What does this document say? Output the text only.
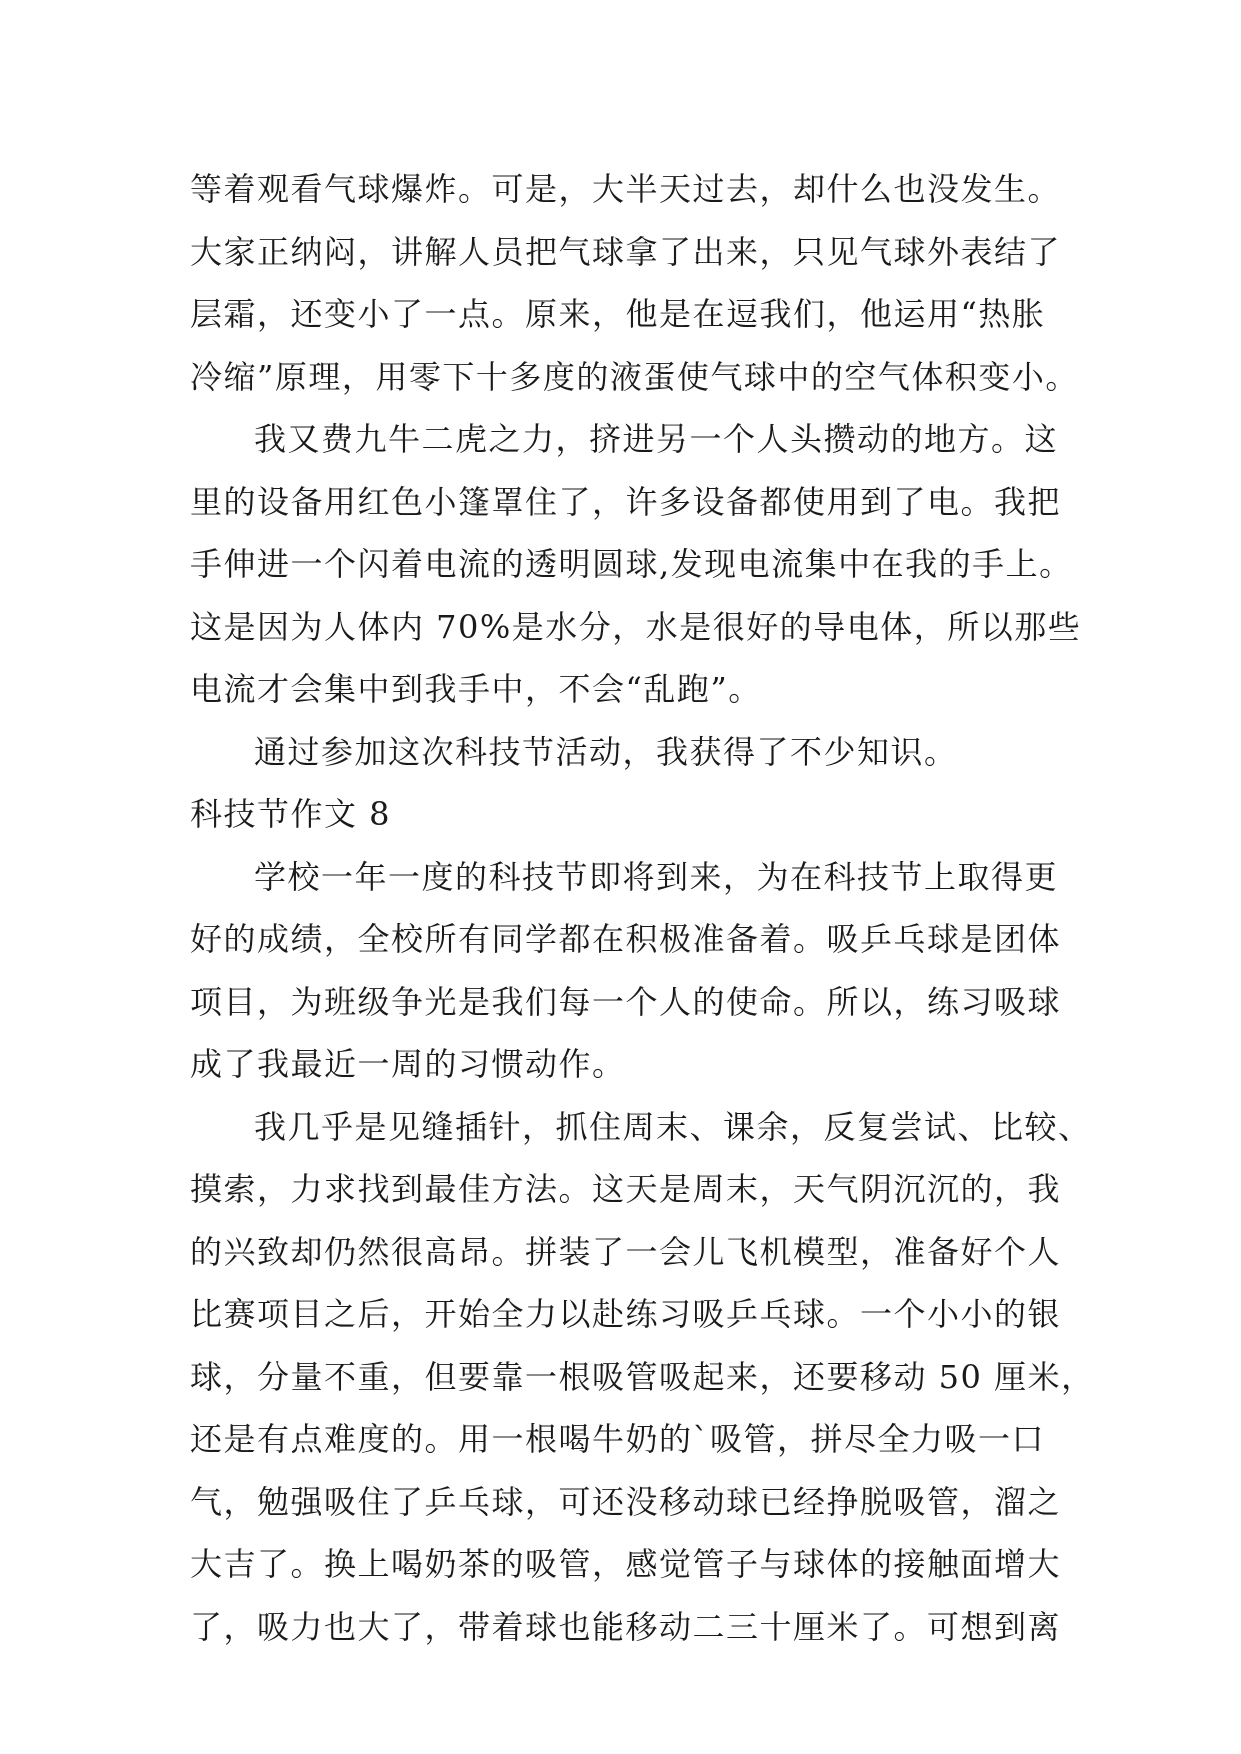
等着观看气球爆炸。可是，大半天过去，却什么也没发生。
大家正纳闷，讲解人员把气球拿了出来，只见气球外表结了
层霜，还变小了一点。原来，他是在逗我们，他运用“热胀
冷缩”原理，用零下十多度的液蛋使气球中的空气体积变小。
我又费九牛二虎之力，挤进另一个人头攒动的地方。这
里的设备用红色小篷罩住了，许多设备都使用到了电。我把
手伸进一个闪着电流的透明圆球,发现电流集中在我的手上。
这是因为人体内 70%是水分，水是很好的导电体，所以那些
电流才会集中到我手中，不会“乱跑”。
通过参加这次科技节活动，我获得了不少知识。
科技节作文 8
学校一年一度的科技节即将到来，为在科技节上取得更
好的成绩，全校所有同学都在积极准备着。吸乒乓球是团体
项目，为班级争光是我们每一个人的使命。所以，练习吸球
成了我最近一周的习惯动作。
我几乎是见缝插针，抓住周末、课余，反复尝试、比较、
摸索，力求找到最佳方法。这天是周末，天气阴沉沉的，我
的兴致却仍然很高昂。拼装了一会儿飞机模型，准备好个人
比赛项目之后，开始全力以赴练习吸乒乓球。一个小小的银
球，分量不重，但要靠一根吸管吸起来，还要移动 50 厘米，
还是有点难度的。用一根喝牛奶的`吸管，拼尽全力吸一口
气，勉强吸住了乒乓球，可还没移动球已经挣脱吸管，溜之
大吉了。换上喝奶茶的吸管，感觉管子与球体的接触面增大
了，吸力也大了，带着球也能移动二三十厘米了。可想到离
